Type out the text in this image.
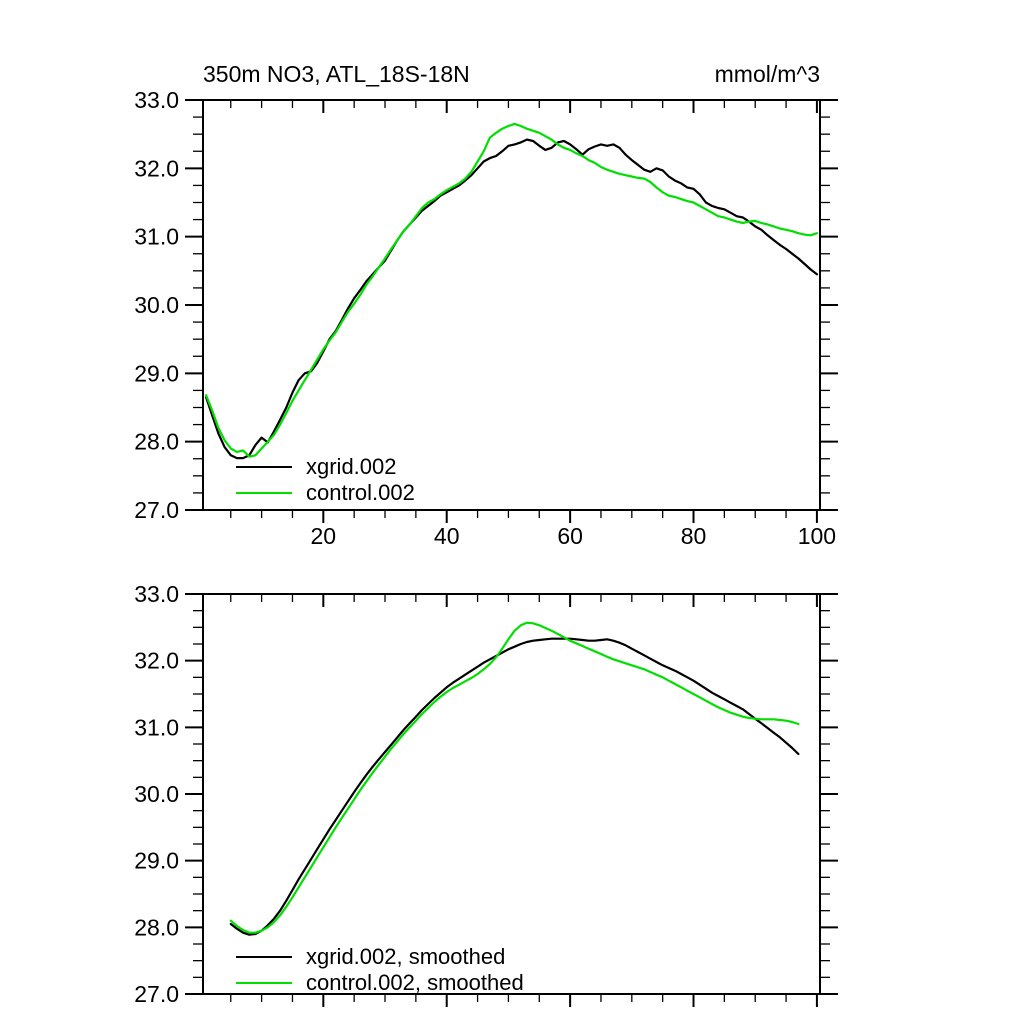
350m NO3, ATL_18S-18N	mmol/m^3
27.0
28.0
29.0
30.0
31.0
32.0
33.0
20	40	60	80	100
27.0
28.0
29.0
30.0
31.0
32.0
33.0
xgrid.002
control.002
xgrid.002, smoothed
control.002, smoothed
